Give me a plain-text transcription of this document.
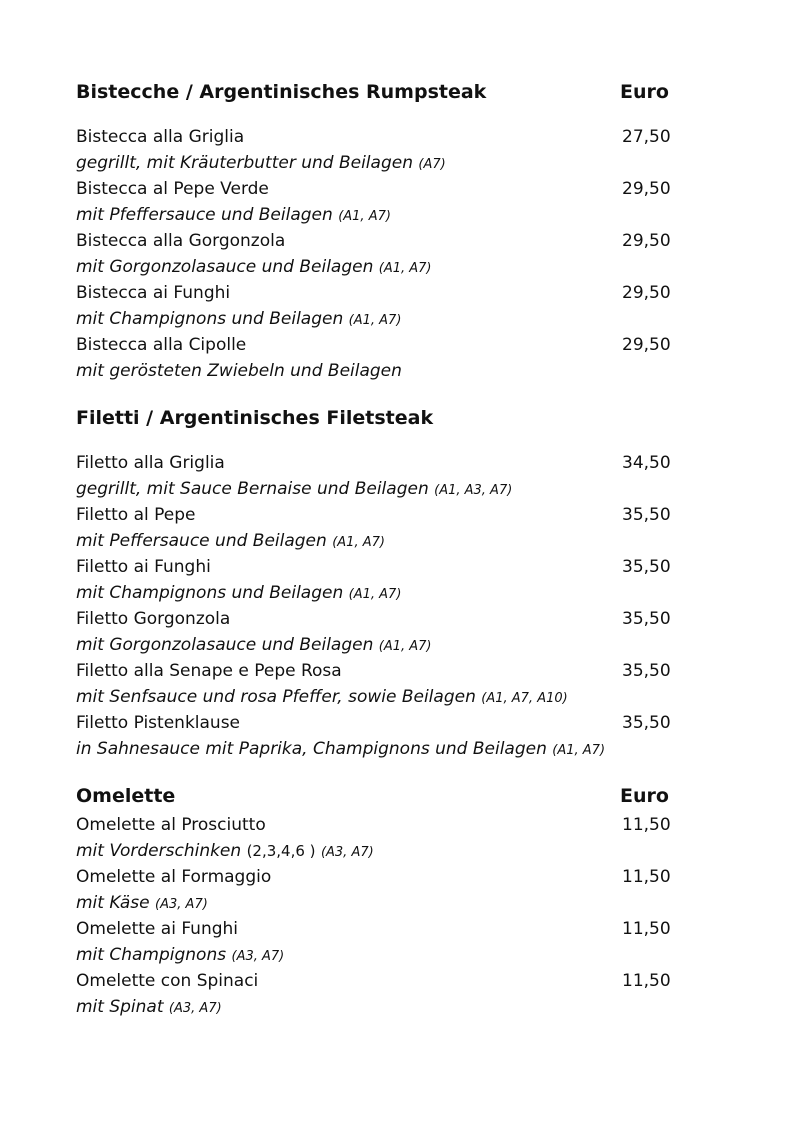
Bistecche / Argentinisches Rumpsteak	Euro
Bistecca alla Griglia	27,50
gegrillt, mit Kräuterbutter und Beilagen (A7)
Bistecca al Pepe Verde	29,50
mit Pfeffersauce und Beilagen (A1, A7)
Bistecca alla Gorgonzola	29,50
mit Gorgonzolasauce und Beilagen (A1, A7)
Bistecca ai Funghi	29,50
mit Champignons und Beilagen (A1, A7)
Bistecca alla Cipolle	29,50
mit gerösteten Zwiebeln und Beilagen
Filetti / Argentinisches Filetsteak
Filetto alla Griglia	34,50
gegrillt, mit Sauce Bernaise und Beilagen (A1, A3, A7)
Filetto al Pepe	35,50
mit Peffersauce und Beilagen (A1, A7)
Filetto ai Funghi	35,50
mit Champignons und Beilagen (A1, A7)
Filetto Gorgonzola	35,50
mit Gorgonzolasauce und Beilagen (A1, A7)
Filetto alla Senape e Pepe Rosa	35,50
mit Senfsauce und rosa Pfeffer, sowie Beilagen (A1, A7, A10)
Filetto Pistenklause	35,50
in Sahnesauce mit Paprika, Champignons und Beilagen (A1, A7)
Omelette	Euro
Omelette al Prosciutto	11,50
mit Vorderschinken (2,3,4,6 ) (A3, A7)
Omelette al Formaggio	11,50
mit Käse (A3, A7)
Omelette ai Funghi	11,50
mit Champignons (A3, A7)
Omelette con Spinaci	11,50
mit Spinat (A3, A7)
